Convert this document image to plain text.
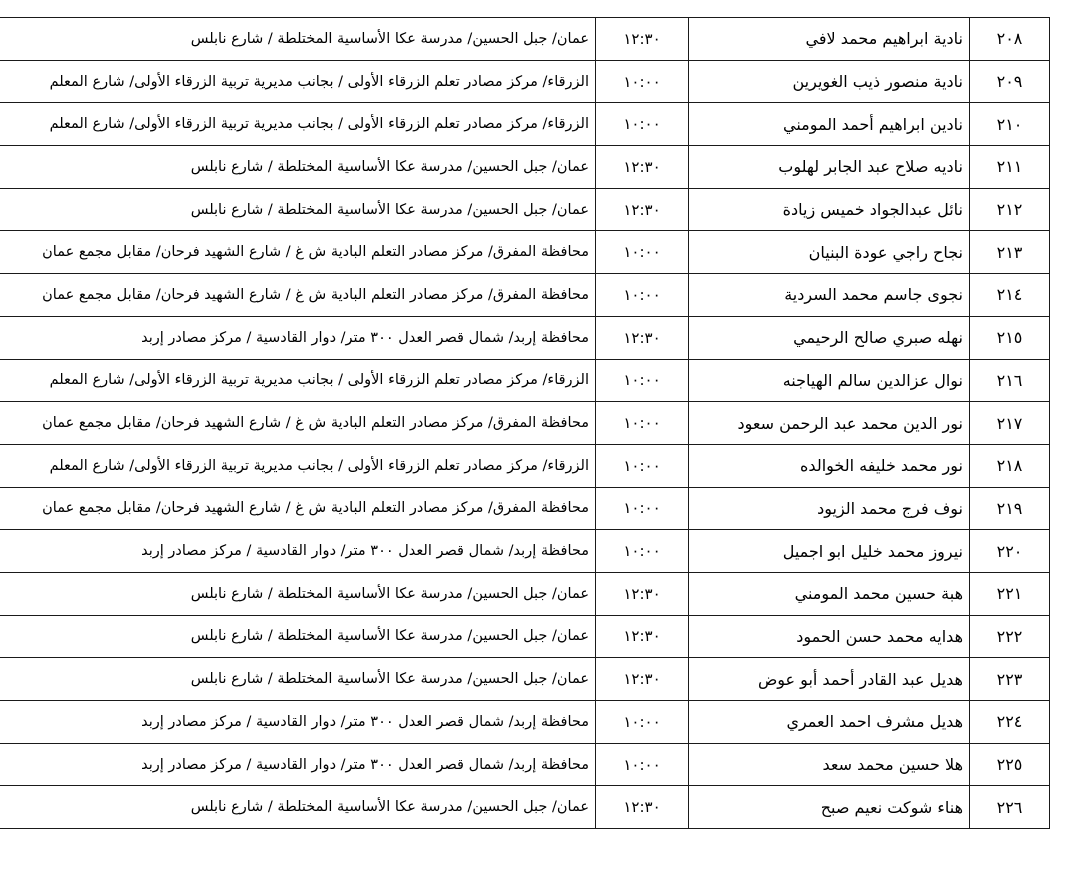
٢٠٨	نادية ابراهيم محمد لافي	١٢:٣٠	عمان/ جبل الحسين/ مدرسة عكا الأساسية المختلطة / شارع نابلس
٢٠٩	نادية منصور ذيب الغويرين	١٠:٠٠	الزرقاء/ مركز مصادر تعلم الزرقاء الأولى / بجانب مديرية تربية الزرقاء الأولى/ شارع المعلم
٢١٠	نادين ابراهيم أحمد المومني	١٠:٠٠	الزرقاء/ مركز مصادر تعلم الزرقاء الأولى / بجانب مديرية تربية الزرقاء الأولى/ شارع المعلم
٢١١	ناديه صلاح عبد الجابر لهلوب	١٢:٣٠	عمان/ جبل الحسين/ مدرسة عكا الأساسية المختلطة / شارع نابلس
٢١٢	نائل عبدالجواد خميس زيادة	١٢:٣٠	عمان/ جبل الحسين/ مدرسة عكا الأساسية المختلطة / شارع نابلس
٢١٣	نجاح راجي عودة البنيان	١٠:٠٠	محافظة المفرق/ مركز مصادر التعلم البادية ش غ / شارع الشهيد فرحان/ مقابل مجمع عمان
٢١٤	نجوى جاسم محمد السردية	١٠:٠٠	محافظة المفرق/ مركز مصادر التعلم البادية ش غ / شارع الشهيد فرحان/ مقابل مجمع عمان
٢١٥	نهله صبري صالح الرحيمي	١٢:٣٠	محافظة إربد/ شمال قصر العدل ٣٠٠ متر/ دوار القادسية / مركز مصادر إربد
٢١٦	نوال عزالدين سالم الهياجنه	١٠:٠٠	الزرقاء/ مركز مصادر تعلم الزرقاء الأولى / بجانب مديرية تربية الزرقاء الأولى/ شارع المعلم
٢١٧	نور الدين محمد عبد الرحمن سعود	١٠:٠٠	محافظة المفرق/ مركز مصادر التعلم البادية ش غ / شارع الشهيد فرحان/ مقابل مجمع عمان
٢١٨	نور محمد خليفه الخوالده	١٠:٠٠	الزرقاء/ مركز مصادر تعلم الزرقاء الأولى / بجانب مديرية تربية الزرقاء الأولى/ شارع المعلم
٢١٩	نوف فرج محمد الزيود	١٠:٠٠	محافظة المفرق/ مركز مصادر التعلم البادية ش غ / شارع الشهيد فرحان/ مقابل مجمع عمان
٢٢٠	نيروز محمد خليل ابو اجميل	١٠:٠٠	محافظة إربد/ شمال قصر العدل ٣٠٠ متر/ دوار القادسية / مركز مصادر إربد
٢٢١	هبة حسين محمد المومني	١٢:٣٠	عمان/ جبل الحسين/ مدرسة عكا الأساسية المختلطة / شارع نابلس
٢٢٢	هدايه محمد حسن الحمود	١٢:٣٠	عمان/ جبل الحسين/ مدرسة عكا الأساسية المختلطة / شارع نابلس
٢٢٣	هديل عبد القادر أحمد أبو عوض	١٢:٣٠	عمان/ جبل الحسين/ مدرسة عكا الأساسية المختلطة / شارع نابلس
٢٢٤	هديل مشرف احمد العمري	١٠:٠٠	محافظة إربد/ شمال قصر العدل ٣٠٠ متر/ دوار القادسية / مركز مصادر إربد
٢٢٥	هلا حسين محمد سعد	١٠:٠٠	محافظة إربد/ شمال قصر العدل ٣٠٠ متر/ دوار القادسية / مركز مصادر إربد
٢٢٦	هناء شوكت نعيم صبح	١٢:٣٠	عمان/ جبل الحسين/ مدرسة عكا الأساسية المختلطة / شارع نابلس
